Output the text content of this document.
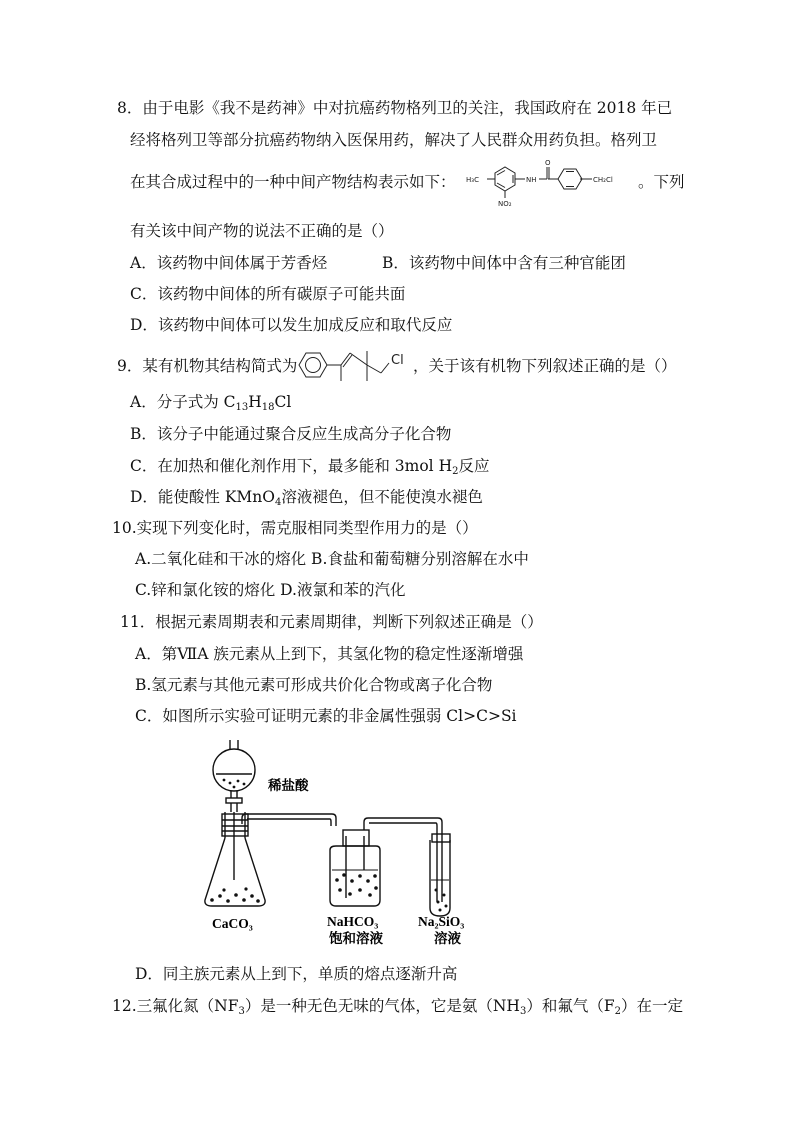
8．由于电影《我不是药神》中对抗癌药物格列卫的关注，我国政府在 2018 年已
经将格列卫等部分抗癌药物纳入医保用药，解决了人民群众用药负担。格列卫
在其合成过程中的一种中间产物结构表示如下： H₃C	NH
O
CH₂Cl
NO₂
。下列
有关该中间产物的说法不正确的是（）
A．该药物中间体属于芳香烃	B．该药物中间体中含有三种官能团
C．该药物中间体的所有碳原子可能共面
D．该药物中间体可以发生加成反应和取代反应
9．某有机物其结构简式为	Cl ，关于该有机物下列叙述正确的是（）
A．分子式为 $C_{13}H_{18}Cl$
B．该分子中能通过聚合反应生成高分子化合物
C．在加热和催化剂作用下，最多能和 3mol $H_2$反应
D．能使酸性 KMnO$_4$溶液褪色，但不能使溴水褪色
10.实现下列变化时，需克服相同类型作用力的是（）
A.二氧化硅和干冰的熔化 B.食盐和葡萄糖分别溶解在水中
C.锌和氯化铵的熔化 D.液氯和苯的汽化
11．根据元素周期表和元素周期律，判断下列叙述正确是（）
A．第ⅦA 族元素从上到下，其氢化物的稳定性逐渐增强
B.氢元素与其他元素可形成共价化合物或离子化合物
C．如图所示实验可证明元素的非金属性强弱 Cl>C>Si
稀盐酸
CaCO₃	NaHCO₃
饱和溶液
Na₂SiO₃
溶液
D．同主族元素从上到下，单质的熔点逐渐升高
12.三氟化氮$(NF_3)$是一种无色无味的气体，它是氨$(NH_3)$和氟气$(F_2)$在一定
